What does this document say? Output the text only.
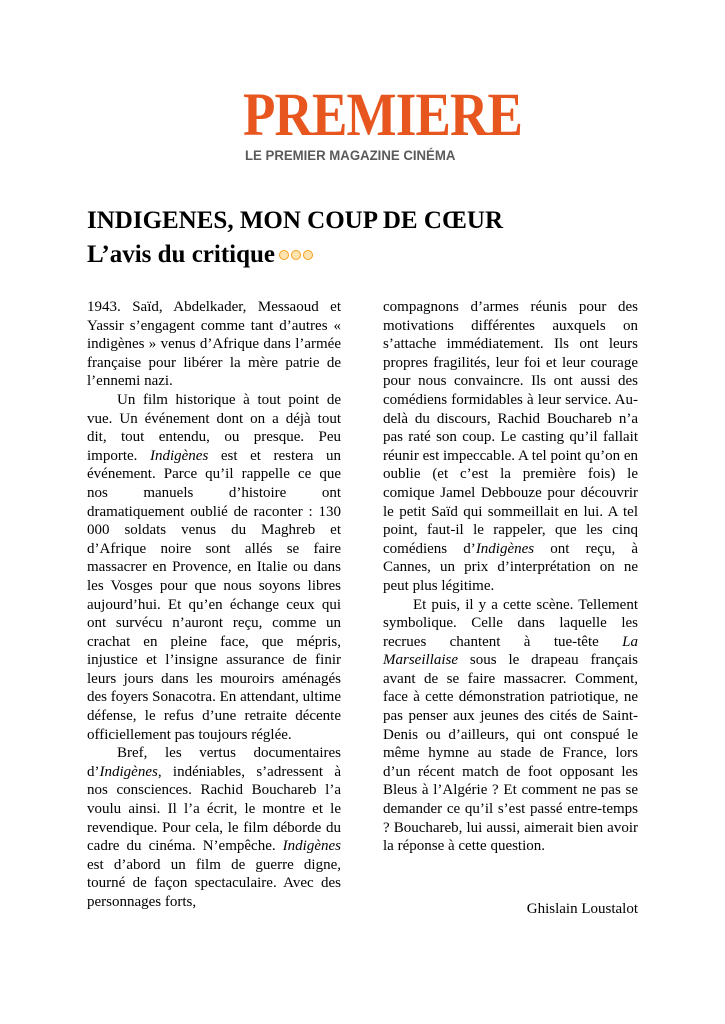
PREMIERE
LE PREMIER MAGAZINE CINÉMA
INDIGENES, MON COUP DE CŒUR
L’avis du critique

1943. Saïd, Abdelkader, Messaoud et Yassir s’engagent comme tant d’autres « indigènes » venus d’Afrique dans l’armée française pour libérer la mère patrie de l’ennemi nazi.

Un film historique à tout point de vue. Un événement dont on a déjà tout dit, tout entendu, ou presque. Peu importe. Indigènes est et restera un événement. Parce qu’il rappelle ce que nos manuels d’histoire ont dramatiquement oublié de raconter : 130 000 soldats venus du Maghreb et d’Afrique noire sont allés se faire massacrer en Provence, en Italie ou dans les Vosges pour que nous soyons libres aujourd’hui. Et qu’en échange ceux qui ont survécu n’auront reçu, comme un crachat en pleine face, que mépris, injustice et l’insigne assurance de finir leurs jours dans les mouroirs aménagés des foyers Sonacotra. En attendant, ultime défense, le refus d’une retraite décente officiellement pas toujours réglée.

Bref, les vertus documentaires d’Indigènes, indéniables, s’adressent à nos consciences. Rachid Bouchareb l’a voulu ainsi. Il l’a écrit, le montre et le revendique. Pour cela, le film déborde du cadre du cinéma. N’empêche. Indigènes est d’abord un film de guerre digne, tourné de façon spectaculaire. Avec des personnages forts,

compagnons d’armes réunis pour des motivations différentes auxquels on s’attache immédiatement. Ils ont leurs propres fragilités, leur foi et leur courage pour nous convaincre. Ils ont aussi des comédiens formidables à leur service. Au-delà du discours, Rachid Bouchareb n’a pas raté son coup. Le casting qu’il fallait réunir est impeccable. A tel point qu’on en oublie (et c’est la première fois) le comique Jamel Debbouze pour découvrir le petit Saïd qui sommeillait en lui. A tel point, faut-il le rappeler, que les cinq comédiens d’Indigènes ont reçu, à Cannes, un prix d’interprétation on ne peut plus légitime.

Et puis, il y a cette scène. Tellement symbolique. Celle dans laquelle les recrues chantent à tue-tête La Marseillaise sous le drapeau français avant de se faire massacrer. Comment, face à cette démonstration patriotique, ne pas penser aux jeunes des cités de Saint-Denis ou d’ailleurs, qui ont conspué le même hymne au stade de France, lors d’un récent match de foot opposant les Bleus à l’Algérie ? Et comment ne pas se demander ce qu’il s’est passé entre-temps ? Bouchareb, lui aussi, aimerait bien avoir la réponse à cette question.

Ghislain Loustalot
